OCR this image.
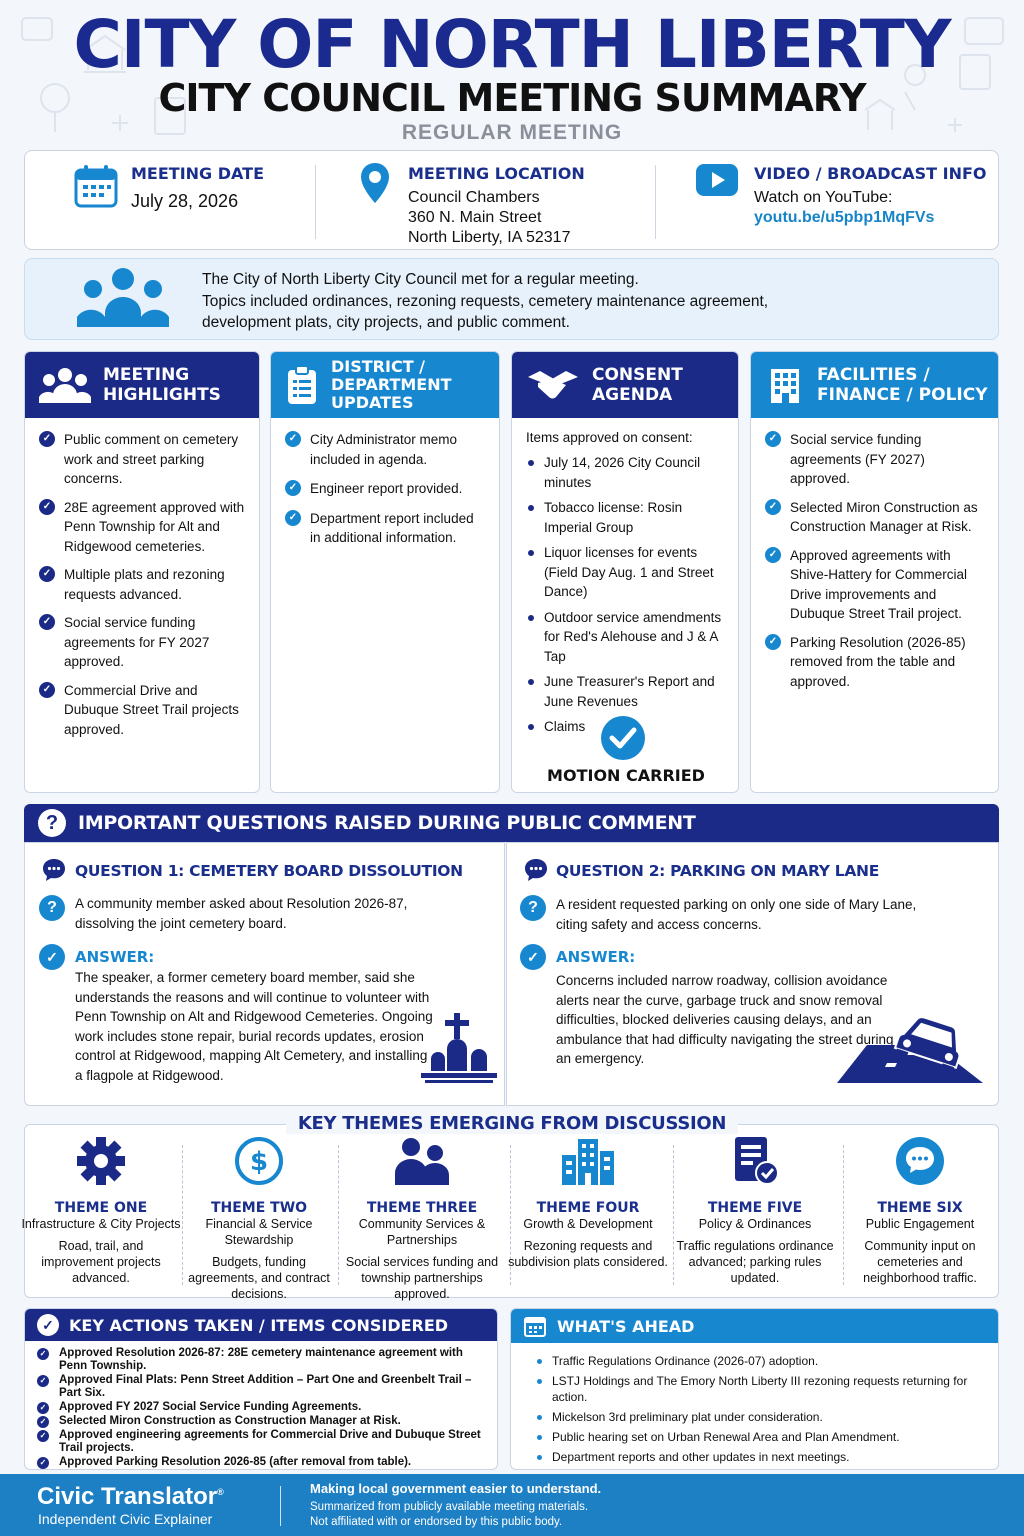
CITY OF NORTH LIBERTY
CITY COUNCIL MEETING SUMMARY
REGULAR MEETING
MEETING DATE
July 28, 2026
MEETING LOCATION
Council Chambers
360 N. Main Street
North Liberty, IA 52317
VIDEO / BROADCAST INFO
Watch on YouTube:
youtu.be/u5pbp1MqFVs
The City of North Liberty City Council met for a regular meeting.
Topics included ordinances, rezoning requests, cemetery maintenance agreement,
development plats, city projects, and public comment.
MEETING
HIGHLIGHTS
✓ Public comment on cemetery work and street parking concerns.
✓ 28E agreement approved with Penn Township for Alt and Ridgewood cemeteries.
✓ Multiple plats and rezoning requests advanced.
✓ Social service funding agreements for FY 2027 approved.
✓ Commercial Drive and Dubuque Street Trail projects approved.
DISTRICT /
DEPARTMENT
UPDATES
✓ City Administrator memo included in agenda.
✓ Engineer report provided.
✓ Department report included in additional information.
CONSENT
AGENDA
Items approved on consent:
July 14, 2026 City Council minutes
Tobacco license: Rosin Imperial Group
Liquor licenses for events (Field Day Aug. 1 and Street Dance)
Outdoor service amendments for Red's Alehouse and J & A Tap
June Treasurer's Report and June Revenues
Claims
MOTION CARRIED
FACILITIES /
FINANCE / POLICY
✓ Social service funding agreements (FY 2027) approved.
✓ Selected Miron Construction as Construction Manager at Risk.
✓ Approved agreements with Shive-Hattery for Commercial Drive improvements and Dubuque Street Trail project.
✓ Parking Resolution (2026-85) removed from the table and approved.
?	IMPORTANT QUESTIONS RAISED DURING PUBLIC COMMENT
QUESTION 1: CEMETERY BOARD DISSOLUTION
?	A community member asked about Resolution 2026-87, dissolving the joint cemetery board.
✓	ANSWER:
The speaker, a former cemetery board member, said she understands the reasons and will continue to volunteer with Penn Township on Alt and Ridgewood Cemeteries. Ongoing work includes stone repair, burial records updates, erosion control at Ridgewood, mapping Alt Cemetery, and installing a flagpole at Ridgewood.
QUESTION 2: PARKING ON MARY LANE
?	A resident requested parking on only one side of Mary Lane, citing safety and access concerns.
✓	ANSWER:
Concerns included narrow roadway, collision avoidance alerts near the curve, garbage truck and snow removal difficulties, blocked deliveries causing delays, and an ambulance that had difficulty navigating the street during an emergency.
THEME ONE
Infrastructure & City Projects
Road, trail, and improvement projects advanced.
$
THEME TWO
Financial & Service Stewardship
Budgets, funding agreements, and contract decisions.
THEME THREE
Community Services & Partnerships
Social services funding and township partnerships approved.
THEME FOUR
Growth & Development
Rezoning requests and subdivision plats considered.
THEME FIVE
Policy & Ordinances
Traffic regulations ordinance advanced; parking rules updated.
THEME SIX
Public Engagement
Community input on cemeteries and neighborhood traffic.
KEY THEMES EMERGING FROM DISCUSSION
✓ KEY ACTIONS TAKEN / ITEMS CONSIDERED
✓ Approved Resolution 2026-87: 28E cemetery maintenance agreement with Penn Township.
✓ Approved Final Plats: Penn Street Addition – Part One and Greenbelt Trail – Part Six.
✓ Approved FY 2027 Social Service Funding Agreements.
✓ Selected Miron Construction as Construction Manager at Risk.
✓ Approved engineering agreements for Commercial Drive and Dubuque Street Trail projects.
✓ Approved Parking Resolution 2026-85 (after removal from table).
WHAT'S AHEAD
Traffic Regulations Ordinance (2026-07) adoption.
LSTJ Holdings and The Emory North Liberty III rezoning requests returning for action.
Mickelson 3rd preliminary plat under consideration.
Public hearing set on Urban Renewal Area and Plan Amendment.
Department reports and other updates in next meetings.
Civic Translator®
Independent Civic Explainer
Making local government easier to understand.
Summarized from publicly available meeting materials.
Not affiliated with or endorsed by this public body.
